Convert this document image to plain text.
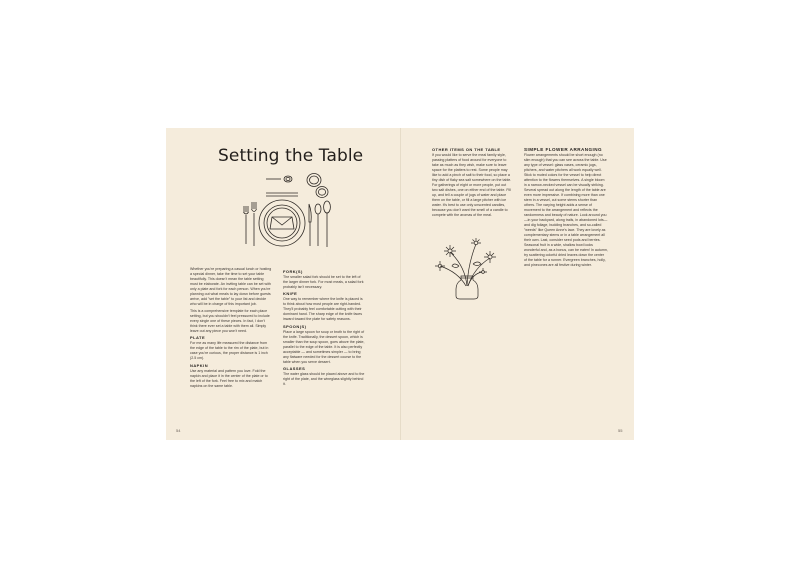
Setting the Table

Whether you're preparing a casual lunch or hosting a special dinner, take the time to set your table beautifully. This doesn't mean the table setting must be elaborate. An inviting table can be set with only a plate and fork for each person. When you're planning out what meals to lay down before guests arrive, add "set the table" to your list and decide who will be in charge of this important job.

This is a comprehensive template for each place setting, but you shouldn't feel pressured to include every single one of these pieces. In fact, I don't think there ever set a table with them all. Simply leave out any piece you won't need.

PLATE

For me as many life measured the distance from the edge of the table to the rim of the plate, but in case you're curious, the proper distance is 1 inch (2.5 cm).

NAPKIN

Use any material and pattern you love. Fold the napkin and place it in the center of the plate or to the left of the fork. Feel free to mix and match napkins on the same table.

FORK(S)

The smaller salad fork should be set to the left of the larger dinner fork. For most meals, a salad fork probably isn't necessary.

KNIFE

One way to remember where the knife is placed is to think about how most people are right-handed. They'll probably feel comfortable cutting with their dominant hand. The sharp edge of the knife faces inward toward the plate for safety reasons.

SPOON(S)

Place a large spoon for soup or broth to the right of the knife. Traditionally, the dessert spoon, which is smaller than the soup spoon, goes above the plate, parallel to the edge of the table. It is also perfectly acceptable — and sometimes simpler — to bring any flatware needed for the dessert course to the table when you serve dessert.

GLASSES

The water glass should be placed above and to the right of the plate, and the wineglass slightly behind it.

54
OTHER ITEMS ON THE TABLE

If you would like to serve the meal family style, passing platters of food around for everyone to take as much as they wish, make sure to leave space for the platters to rest. Some people may like to add a pinch of salt to their food, so place a tiny dish of flaky sea salt somewhere on the table. For gatherings of eight or more people, put out two salt dishes, one on either end of the table. Fill up, and tell a couple of jugs of water and place them on the table, or fill a large pitcher with ice water. It's best to use only unscented candles, because you don't want the smell of a candle to compete with the aromas of the meal.

SIMPLE FLOWER ARRANGING

Flower arrangements should be short enough (no slim enough) that you can see across the table. Use any type of vessel: glass vases, ceramic jugs, pitchers, and water pitchers all work equally well. Stick to muted colors for the vessel to help direct attention to the flowers themselves. A single bloom in a narrow-necked vessel can be visually striking. Several spread out along the length of the table are even more impressive. If combining more than one stem in a vessel, cut some stems shorter than others. The varying height adds a sense of movement to the arrangement and reflects the randomness and beauty of nature. Look around you—in your backyard, along trails, in abandoned lots—and dig foliage, budding branches, and so-called "weeds" like Queen Anne's lace. They are lovely as complementary stems or in a table arrangement all their own. Last, consider seed pods and berries. Seasonal fruit in a wide, shallow bowl looks wonderful and, as a bonus, can be eaten! In autumn, try scattering colorful dried leaves down the center of the table for a runner. Evergreen branches, holly, and pinecones are all festive during winter.

55
